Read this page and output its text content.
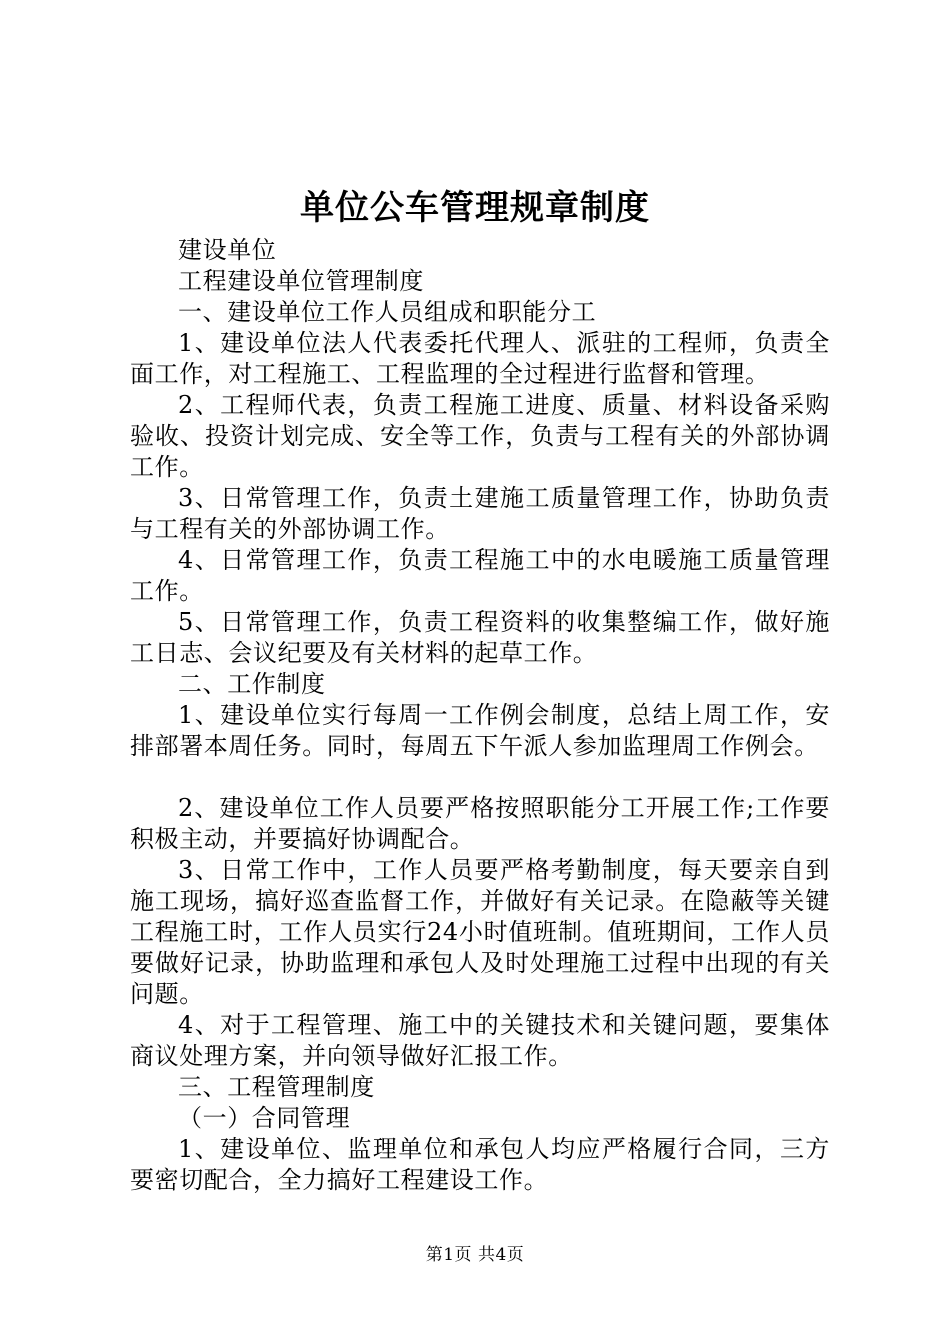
单位公车管理规章制度

建设单位

工程建设单位管理制度

一、建设单位工作人员组成和职能分工

1、建设单位法人代表委托代理人、派驻的工程师，负责全面工作，对工程施工、工程监理的全过程进行监督和管理。

2、工程师代表，负责工程施工进度、质量、材料设备采购验收、投资计划完成、安全等工作，负责与工程有关的外部协调工作。

3、日常管理工作，负责土建施工质量管理工作，协助负责与工程有关的外部协调工作。

4、日常管理工作，负责工程施工中的水电暖施工质量管理工作。

5、日常管理工作，负责工程资料的收集整编工作，做好施工日志、会议纪要及有关材料的起草工作。

二、工作制度

1、建设单位实行每周一工作例会制度，总结上周工作，安排部署本周任务。同时，每周五下午派人参加监理周工作例会。

2、建设单位工作人员要严格按照职能分工开展工作;工作要积极主动，并要搞好协调配合。

3、日常工作中，工作人员要严格考勤制度，每天要亲自到施工现场，搞好巡查监督工作，并做好有关记录。在隐蔽等关键工程施工时，工作人员实行24小时值班制。值班期间，工作人员要做好记录，协助监理和承包人及时处理施工过程中出现的有关问题。

4、对于工程管理、施工中的关键技术和关键问题，要集体商议处理方案，并向领导做好汇报工作。

三、工程管理制度

（一）合同管理

1、建设单位、监理单位和承包人均应严格履行合同，三方要密切配合，全力搞好工程建设工作。

第1页 共4页
